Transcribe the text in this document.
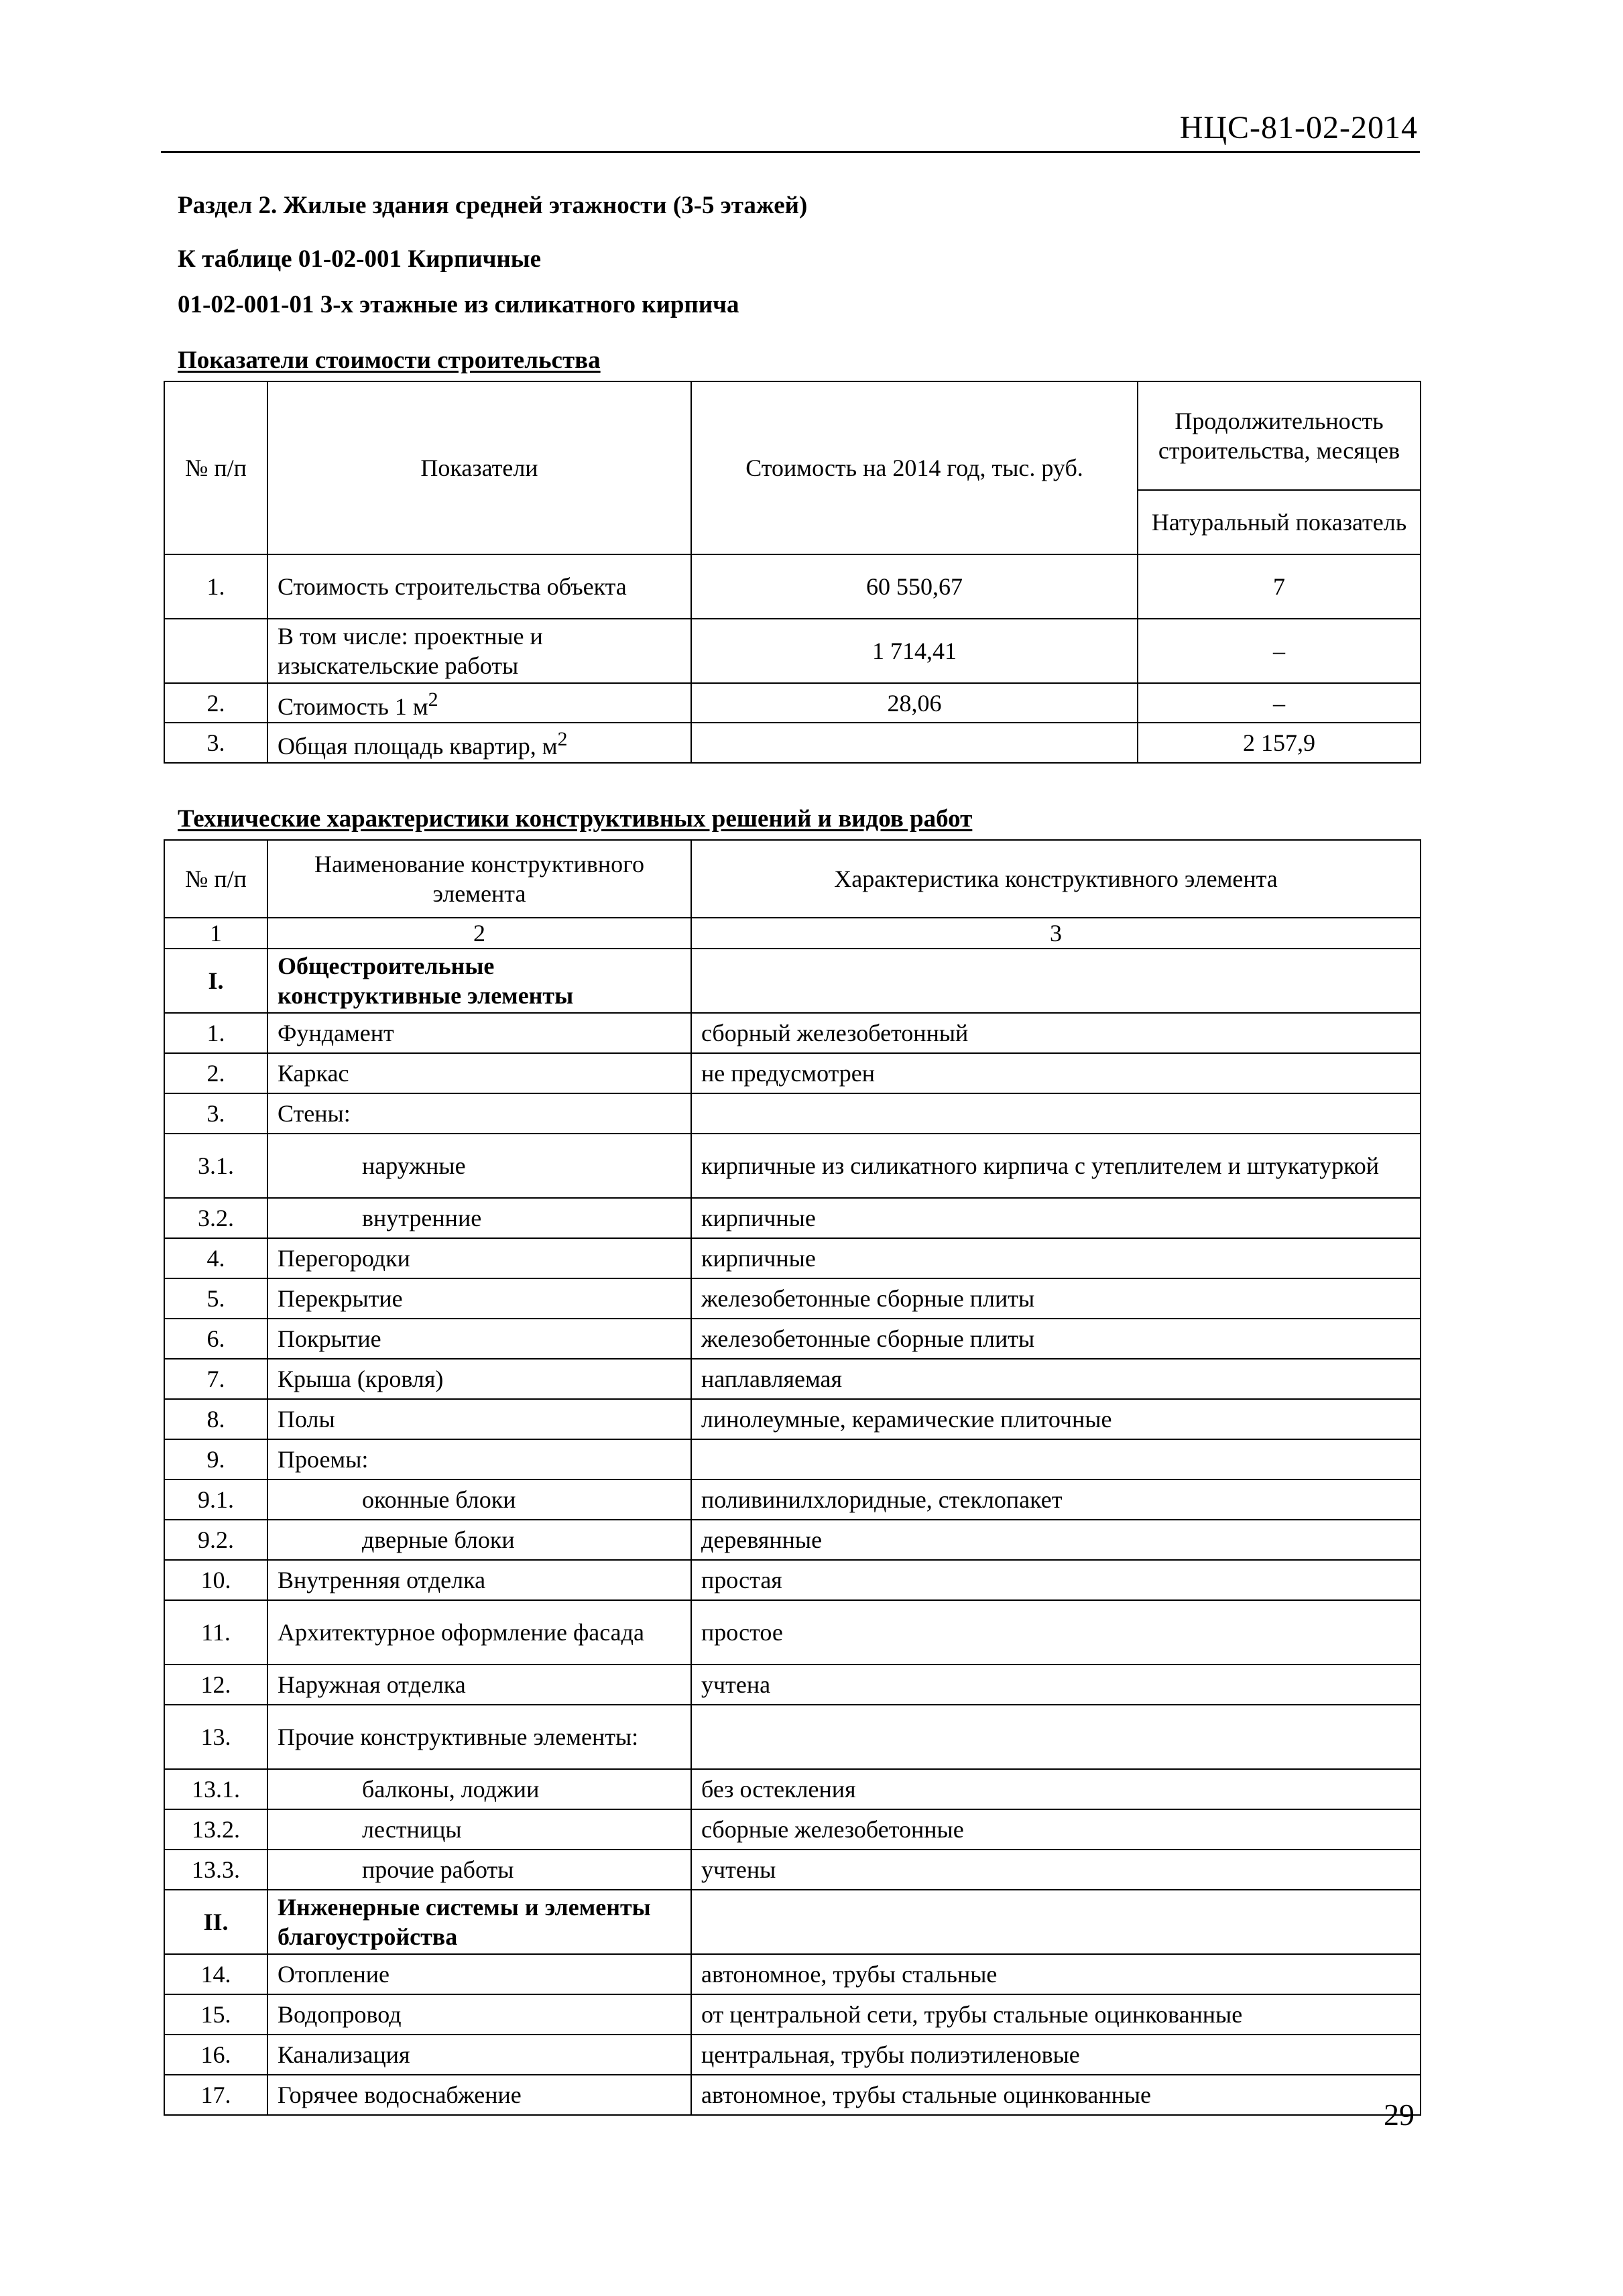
НЦС-81-02-2014
Раздел 2. Жилые здания средней этажности (3-5 этажей)
К таблице 01-02-001 Кирпичные
01-02-001-01 3-х этажные из силикатного кирпича
Показатели стоимости строительства
№ п/п	Показатели	Стоимость на 2014 год, тыс. руб.	Продолжительность строительства, месяцев
			Натуральный показатель
1.	Стоимость строительства объекта	60 550,67	7
	В том числе: проектные и изыскательские работы	1 714,41	–
2.	Стоимость 1 $м^2$	28,06	–
3.	Общая площадь квартир, $м^2$		2 157,9
Технические характеристики конструктивных решений и видов работ
№ п/п	Наименование конструктивного элемента	Характеристика конструктивного элемента
1	2	3
I.	Общестроительные конструктивные элементы	
1.	Фундамент	сборный железобетонный
2.	Каркас	не предусмотрен
3.	Стены:	
3.1.	наружные	кирпичные из силикатного кирпича с утеплителем и штукатуркой
3.2.	внутренние	кирпичные
4.	Перегородки	кирпичные
5.	Перекрытие	железобетонные сборные плиты
6.	Покрытие	железобетонные сборные плиты
7.	Крыша (кровля)	наплавляемая
8.	Полы	линолеумные, керамические плиточные
9.	Проемы:	
9.1.	оконные блоки	поливинилхлоридные, стеклопакет
9.2.	дверные блоки	деревянные
10.	Внутренняя отделка	простая
11.	Архитектурное оформление фасада	простое
12.	Наружная отделка	учтена
13.	Прочие конструктивные элементы:	
13.1.	балконы, лоджии	без остекления
13.2.	лестницы	сборные железобетонные
13.3.	прочие работы	учтены
II.	Инженерные системы и элементы благоустройства	
14.	Отопление	автономное, трубы стальные
15.	Водопровод	от центральной сети, трубы стальные оцинкованные
16.	Канализация	центральная, трубы полиэтиленовые
17.	Горячее водоснабжение	автономное, трубы стальные оцинкованные
29
